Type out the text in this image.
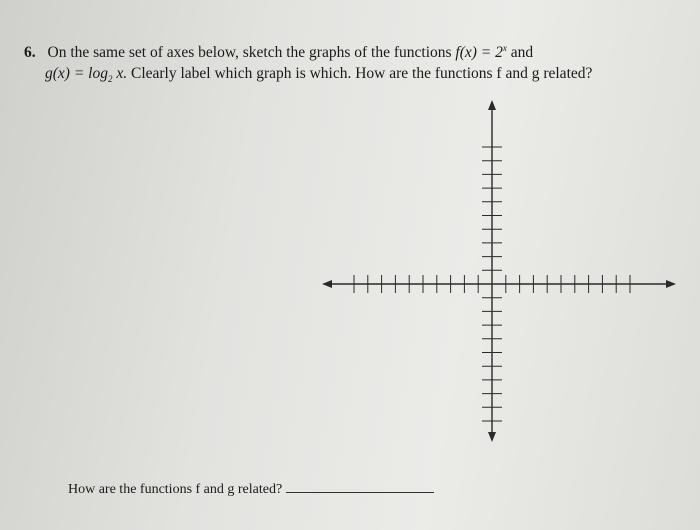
6. On the same set of axes below, sketch the graphs of the functions $f(x) = 2^x$ and
$g(x) = \log_2 x$. Clearly label which graph is which. How are the functions f and g related?
How are the functions f and g related?
